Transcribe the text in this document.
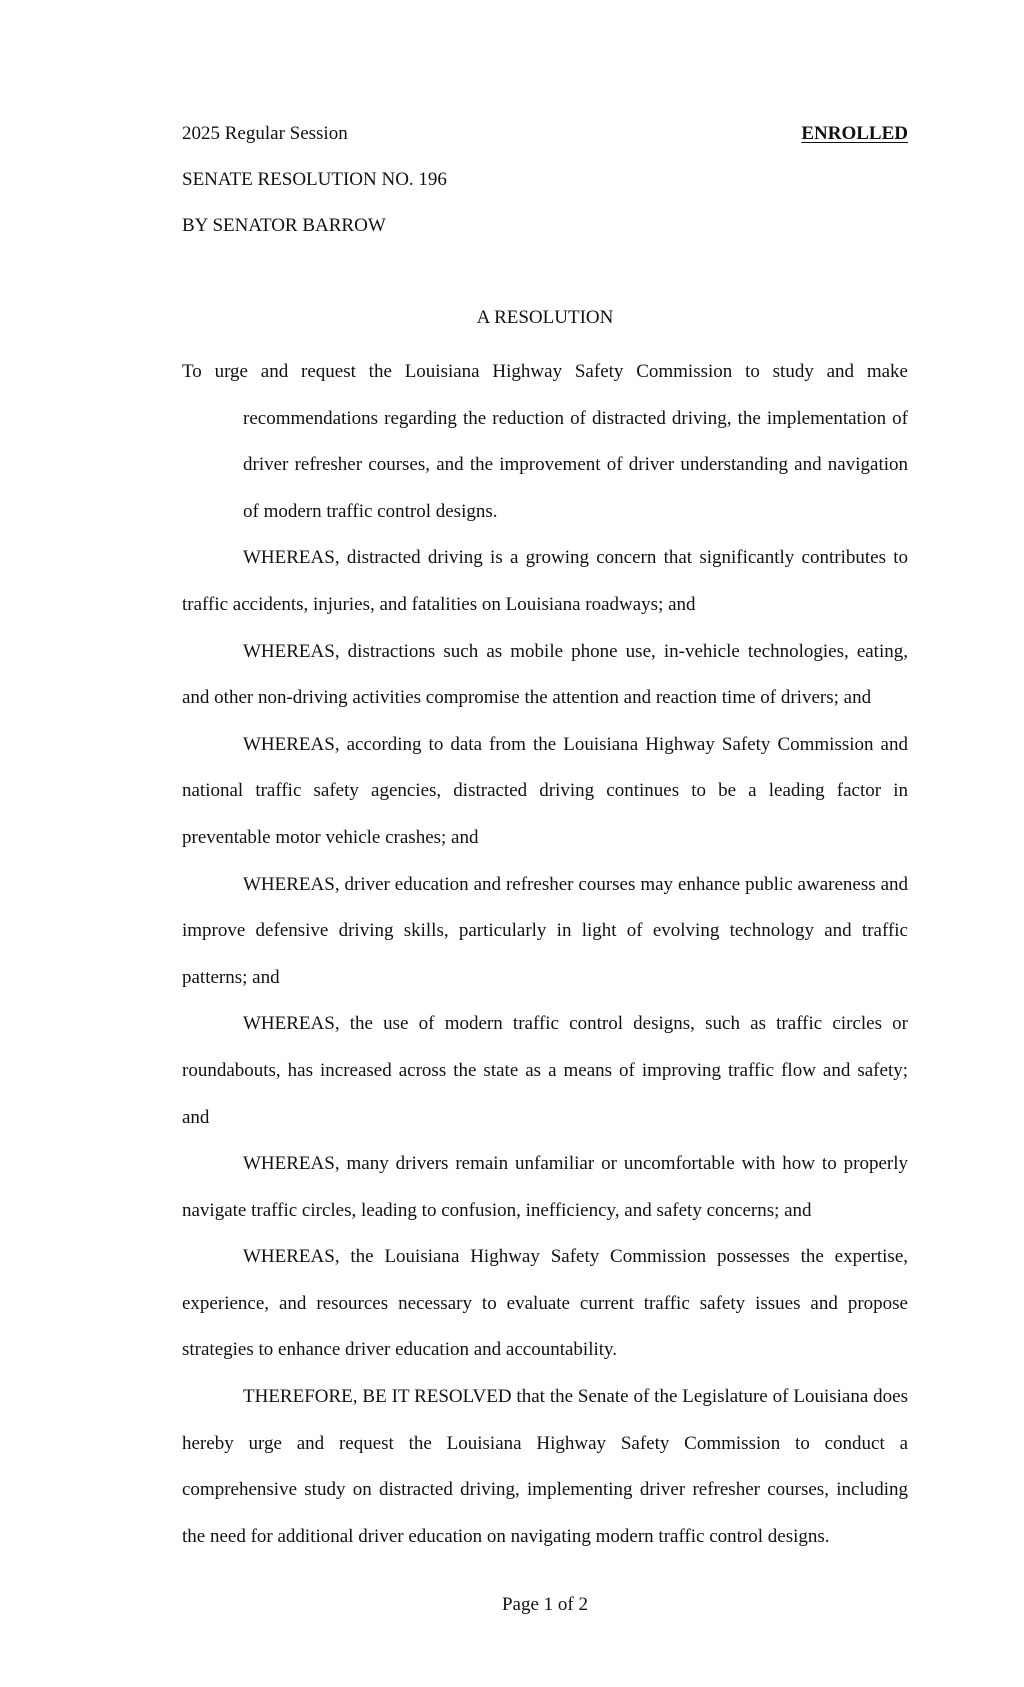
2025 Regular Session	ENROLLED
SENATE RESOLUTION NO. 196
BY SENATOR BARROW
A RESOLUTION

To urge and request the Louisiana Highway Safety Commission to study and make recommendations regarding the reduction of distracted driving, the implementation of driver refresher courses, and the improvement of driver understanding and navigation of modern traffic control designs.

WHEREAS, distracted driving is a growing concern that significantly contributes to traffic accidents, injuries, and fatalities on Louisiana roadways; and

WHEREAS, distractions such as mobile phone use, in-vehicle technologies, eating, and other non-driving activities compromise the attention and reaction time of drivers; and

WHEREAS, according to data from the Louisiana Highway Safety Commission and national traffic safety agencies, distracted driving continues to be a leading factor in preventable motor vehicle crashes; and

WHEREAS, driver education and refresher courses may enhance public awareness and improve defensive driving skills, particularly in light of evolving technology and traffic patterns; and

WHEREAS, the use of modern traffic control designs, such as traffic circles or roundabouts, has increased across the state as a means of improving traffic flow and safety; and

WHEREAS, many drivers remain unfamiliar or uncomfortable with how to properly navigate traffic circles, leading to confusion, inefficiency, and safety concerns; and

WHEREAS, the Louisiana Highway Safety Commission possesses the expertise, experience, and resources necessary to evaluate current traffic safety issues and propose strategies to enhance driver education and accountability.

THEREFORE, BE IT RESOLVED that the Senate of the Legislature of Louisiana does hereby urge and request the Louisiana Highway Safety Commission to conduct a comprehensive study on distracted driving, implementing driver refresher courses, including the need for additional driver education on navigating modern traffic control designs.

Page 1 of 2
